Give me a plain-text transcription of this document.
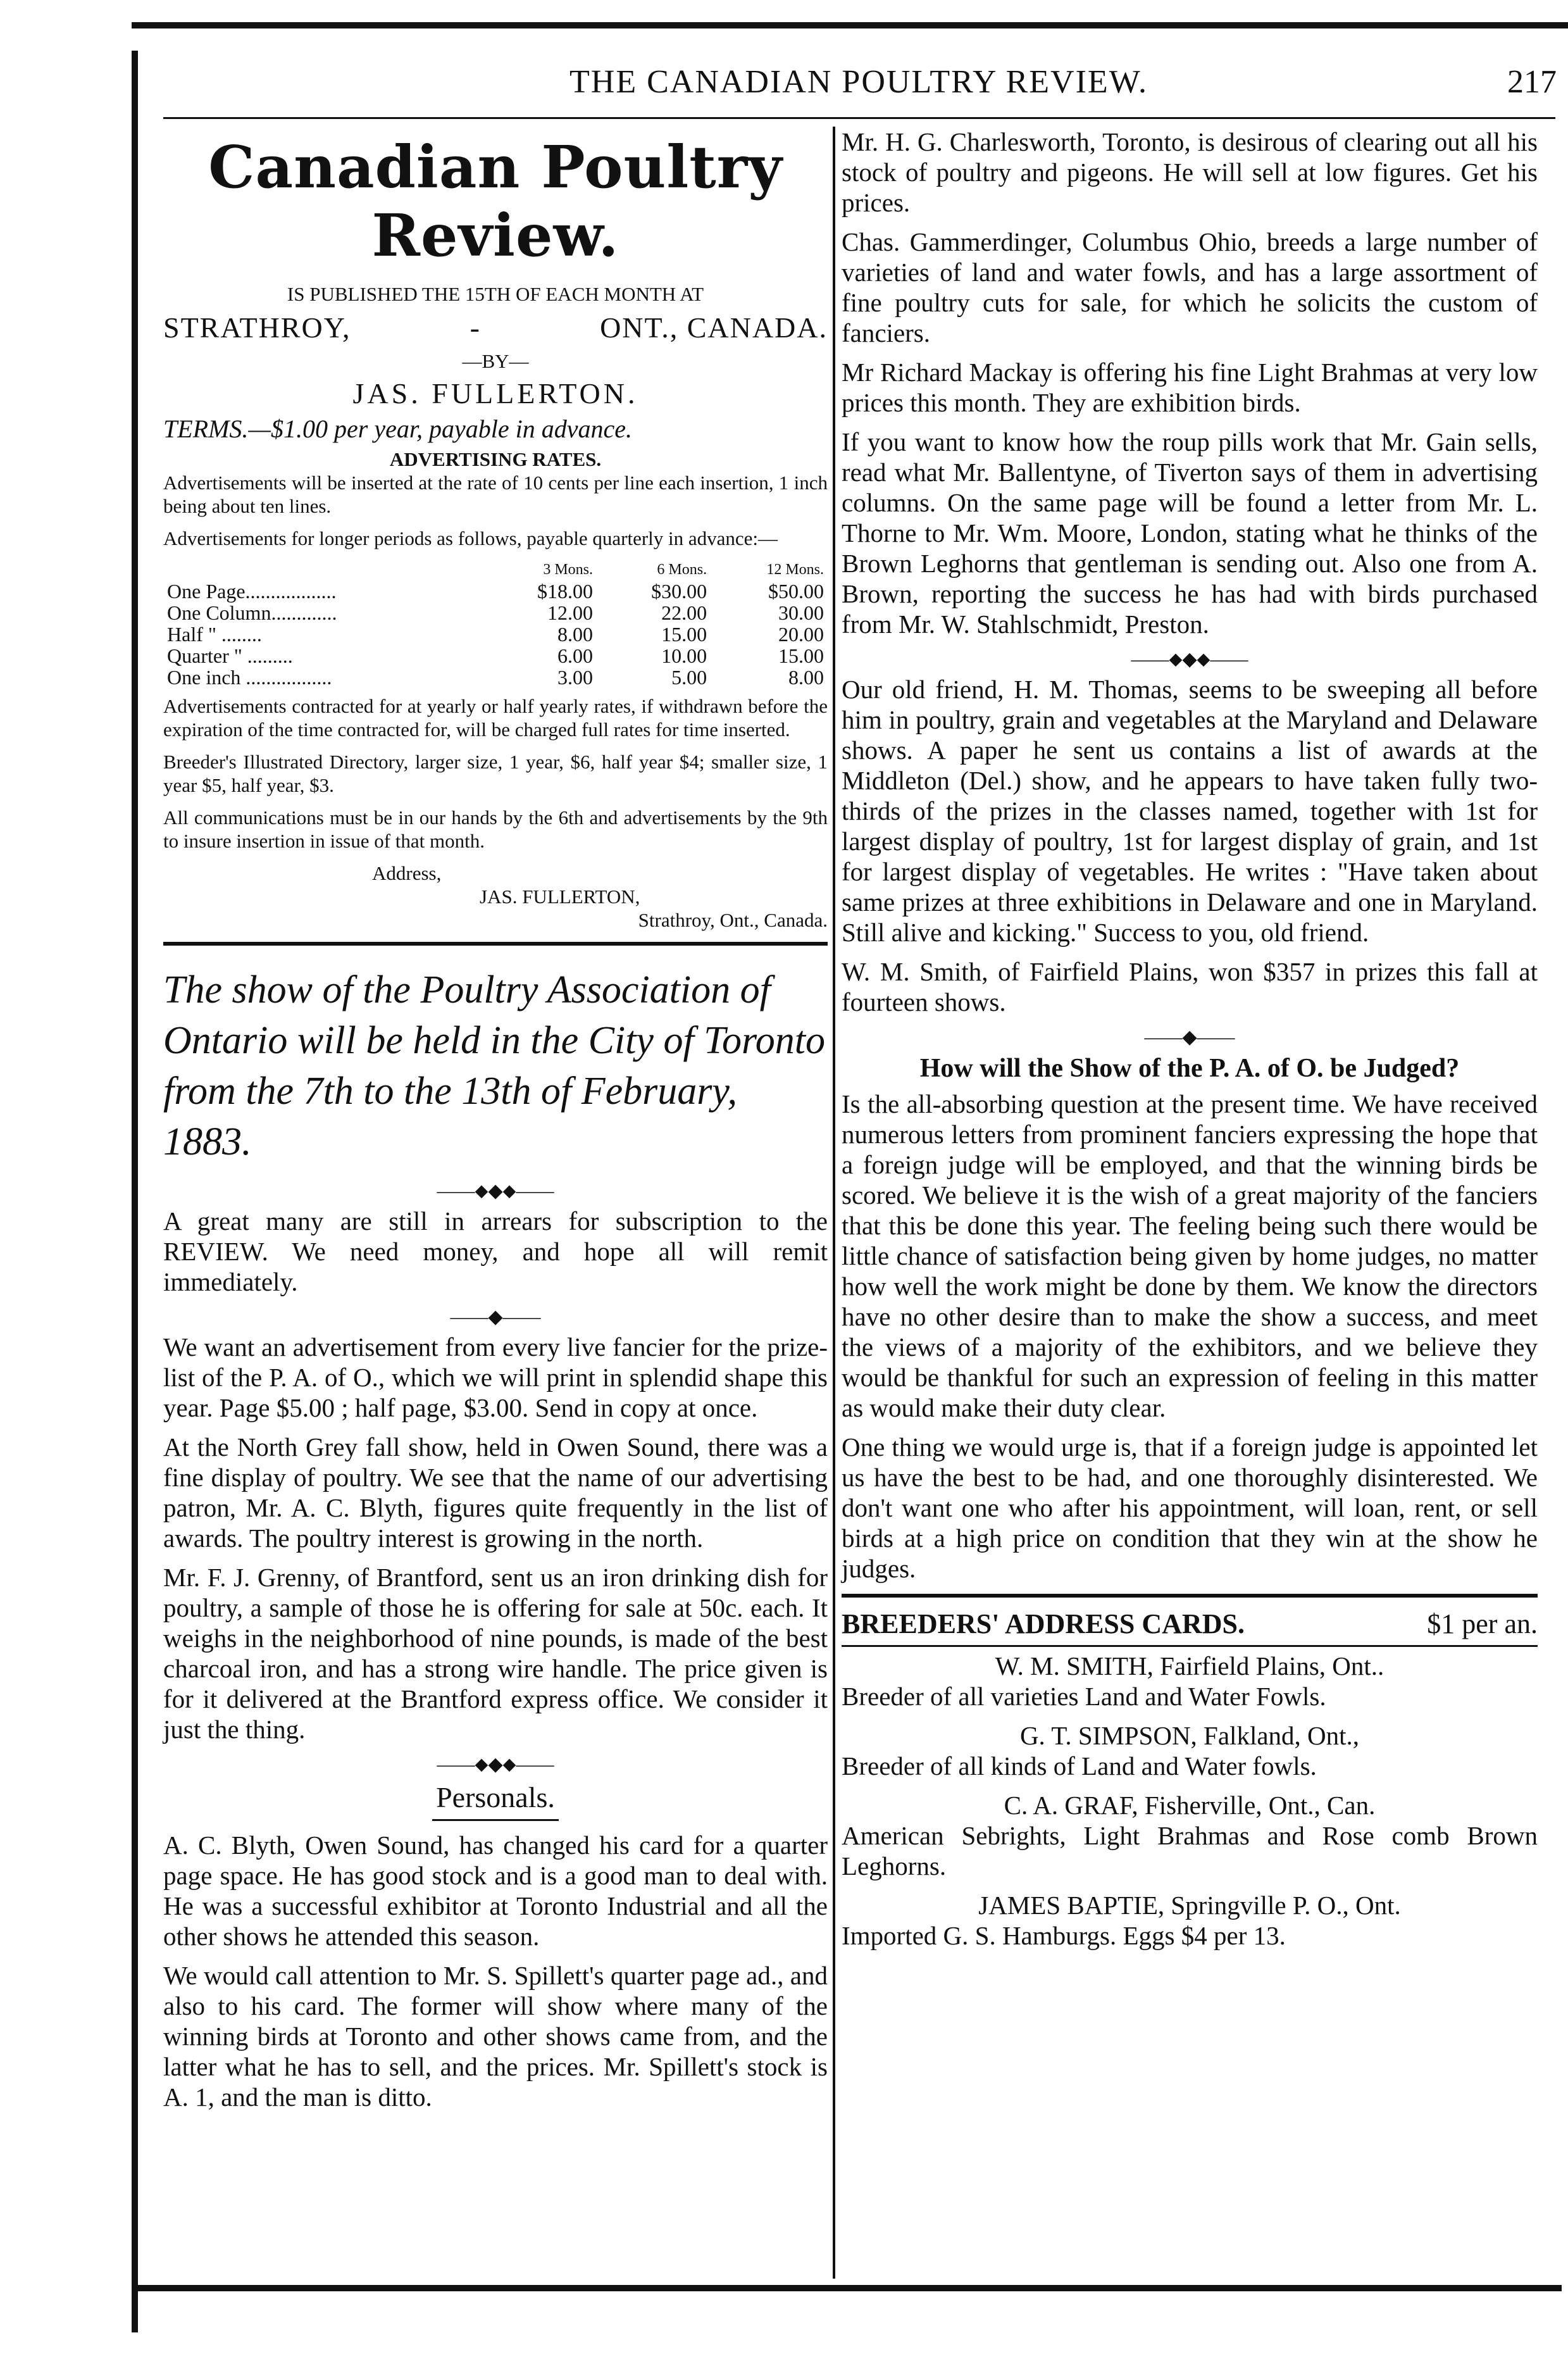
THE CANADIAN POULTRY REVIEW.	217
Canadian Poultry Review.
IS PUBLISHED THE 15TH OF EACH MONTH AT
STRATHROY,	-	ONT., CANADA.
—BY—
JAS. FULLERTON.
TERMS.—$1.00 per year, payable in advance.
ADVERTISING RATES.

Advertisements will be inserted at the rate of 10 cents per line each insertion, 1 inch being about ten lines.

Advertisements for longer periods as follows, payable quarterly in advance:—

	3 Mons.	6 Mons.	12 Mons.
One Page..................	$18.00	$30.00	$50.00
One Column.............	12.00	22.00	30.00
Half " ........	8.00	15.00	20.00
Quarter " .........	6.00	10.00	15.00
One inch .................	3.00	5.00	8.00

Advertisements contracted for at yearly or half yearly rates, if withdrawn before the expiration of the time contracted for, will be charged full rates for time inserted.

Breeder's Illustrated Directory, larger size, 1 year, $6, half year $4; smaller size, 1 year $5, half year, $3.

All communications must be in our hands by the 6th and advertisements by the 9th to insure insertion in issue of that month.

Address,
JAS. FULLERTON,
Strathroy, Ont., Canada.
The show of the Poultry Association of Ontario will be held in the City of Toronto from the 7th to the 13th of February, 1883.
——⬥◆⬥——

A great many are still in arrears for subscription to the REVIEW. We need money, and hope all will remit immediately.

——◆——

We want an advertisement from every live fancier for the prize-list of the P. A. of O., which we will print in splendid shape this year. Page $5.00 ; half page, $3.00. Send in copy at once.

At the North Grey fall show, held in Owen Sound, there was a fine display of poultry. We see that the name of our advertising patron, Mr. A. C. Blyth, figures quite frequently in the list of awards. The poultry interest is growing in the north.

Mr. F. J. Grenny, of Brantford, sent us an iron drinking dish for poultry, a sample of those he is offering for sale at 50c. each. It weighs in the neighborhood of nine pounds, is made of the best charcoal iron, and has a strong wire handle. The price given is for it delivered at the Brantford express office. We consider it just the thing.

——⬥◆⬥——
Personals.

A. C. Blyth, Owen Sound, has changed his card for a quarter page space. He has good stock and is a good man to deal with. He was a successful exhibitor at Toronto Industrial and all the other shows he attended this season.

We would call attention to Mr. S. Spillett's quarter page ad., and also to his card. The former will show where many of the winning birds at Toronto and other shows came from, and the latter what he has to sell, and the prices. Mr. Spillett's stock is A. 1, and the man is ditto.

Mr. H. G. Charlesworth, Toronto, is desirous of clearing out all his stock of poultry and pigeons. He will sell at low figures. Get his prices.

Chas. Gammerdinger, Columbus Ohio, breeds a large number of varieties of land and water fowls, and has a large assortment of fine poultry cuts for sale, for which he solicits the custom of fanciers.

Mr Richard Mackay is offering his fine Light Brahmas at very low prices this month. They are exhibition birds.

If you want to know how the roup pills work that Mr. Gain sells, read what Mr. Ballentyne, of Tiverton says of them in advertising columns. On the same page will be found a letter from Mr. L. Thorne to Mr. Wm. Moore, London, stating what he thinks of the Brown Leghorns that gentleman is sending out. Also one from A. Brown, reporting the success he has had with birds purchased from Mr. W. Stahlschmidt, Preston.

——⬥◆⬥——

Our old friend, H. M. Thomas, seems to be sweeping all before him in poultry, grain and vegetables at the Maryland and Delaware shows. A paper he sent us contains a list of awards at the Middleton (Del.) show, and he appears to have taken fully two-thirds of the prizes in the classes named, together with 1st for largest display of poultry, 1st for largest display of grain, and 1st for largest display of vegetables. He writes : "Have taken about same prizes at three exhibitions in Delaware and one in Maryland. Still alive and kicking." Success to you, old friend.

W. M. Smith, of Fairfield Plains, won $357 in prizes this fall at fourteen shows.

——◆——
How will the Show of the P. A. of O. be Judged?

Is the all-absorbing question at the present time. We have received numerous letters from prominent fanciers expressing the hope that a foreign judge will be employed, and that the winning birds be scored. We believe it is the wish of a great majority of the fanciers that this be done this year. The feeling being such there would be little chance of satisfaction being given by home judges, no matter how well the work might be done by them. We know the directors have no other desire than to make the show a success, and meet the views of a majority of the exhibitors, and we believe they would be thankful for such an expression of feeling in this matter as would make their duty clear.

One thing we would urge is, that if a foreign judge is appointed let us have the best to be had, and one thoroughly disinterested. We don't want one who after his appointment, will loan, rent, or sell birds at a high price on condition that they win at the show he judges.

BREEDERS' ADDRESS CARDS.	$1 per an.
W. M. SMITH, Fairfield Plains, Ont..

Breeder of all varieties Land and Water Fowls.

G. T. SIMPSON, Falkland, Ont.,

Breeder of all kinds of Land and Water fowls.

C. A. GRAF, Fisherville, Ont., Can.

American Sebrights, Light Brahmas and Rose comb Brown Leghorns.

JAMES BAPTIE, Springville P. O., Ont.

Imported G. S. Hamburgs. Eggs $4 per 13.
